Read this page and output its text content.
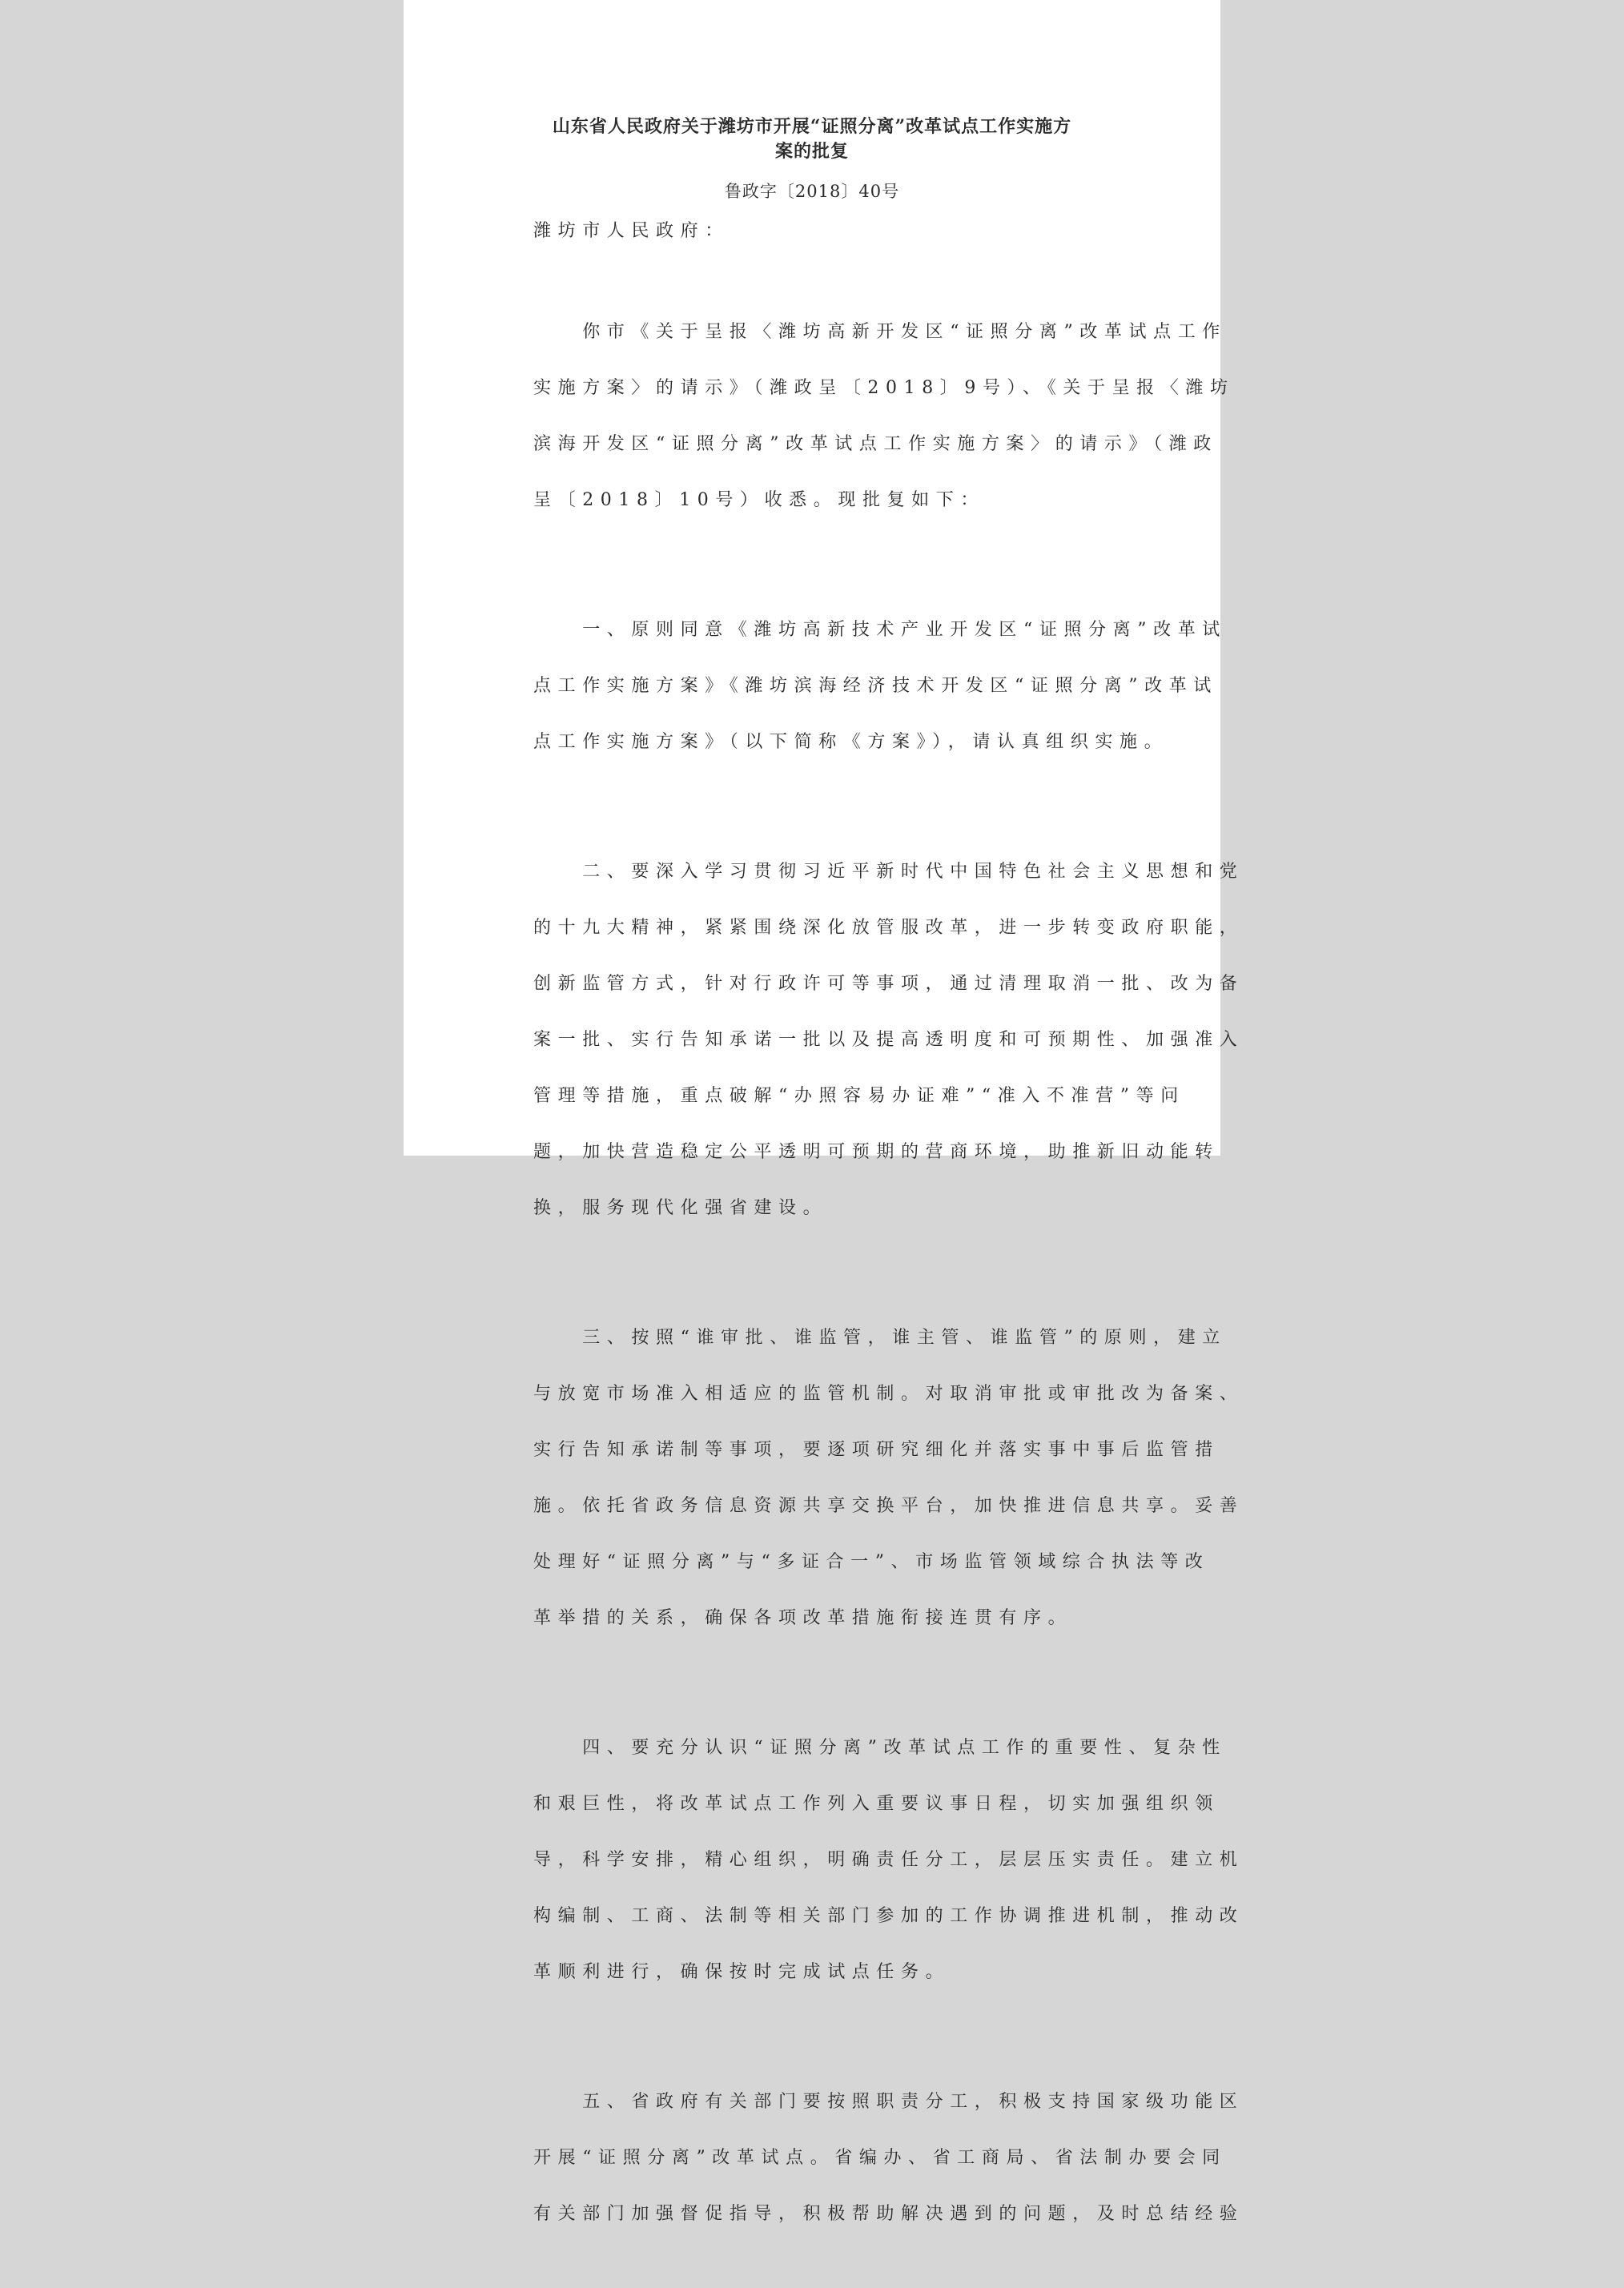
山东省人民政府关于潍坊市开展“证照分离”改革试点工作实施方
案的批复
鲁政字〔2018〕40号
潍坊市人民政府：

　　你市《关于呈报〈潍坊高新开发区“证照分离”改革试点工作

实施方案〉的请示》（潍政呈〔2018〕9号）、《关于呈报〈潍坊

滨海开发区“证照分离”改革试点工作实施方案〉的请示》（潍政

呈〔2018〕10号）收悉。现批复如下：

　　一、原则同意《潍坊高新技术产业开发区“证照分离”改革试

点工作实施方案》《潍坊滨海经济技术开发区“证照分离”改革试

点工作实施方案》（以下简称《方案》），请认真组织实施。

　　二、要深入学习贯彻习近平新时代中国特色社会主义思想和党

的十九大精神，紧紧围绕深化放管服改革，进一步转变政府职能，

创新监管方式，针对行政许可等事项，通过清理取消一批、改为备

案一批、实行告知承诺一批以及提高透明度和可预期性、加强准入

管理等措施，重点破解“办照容易办证难”“准入不准营”等问

题，加快营造稳定公平透明可预期的营商环境，助推新旧动能转

换，服务现代化强省建设。

　　三、按照“谁审批、谁监管，谁主管、谁监管”的原则，建立

与放宽市场准入相适应的监管机制。对取消审批或审批改为备案、

实行告知承诺制等事项，要逐项研究细化并落实事中事后监管措

施。依托省政务信息资源共享交换平台，加快推进信息共享。妥善

处理好“证照分离”与“多证合一”、市场监管领域综合执法等改

革举措的关系，确保各项改革措施衔接连贯有序。

　　四、要充分认识“证照分离”改革试点工作的重要性、复杂性

和艰巨性，将改革试点工作列入重要议事日程，切实加强组织领

导，科学安排，精心组织，明确责任分工，层层压实责任。建立机

构编制、工商、法制等相关部门参加的工作协调推进机制，推动改

革顺利进行，确保按时完成试点任务。

　　五、省政府有关部门要按照职责分工，积极支持国家级功能区

开展“证照分离”改革试点。省编办、省工商局、省法制办要会同

有关部门加强督促指导，积极帮助解决遇到的问题，及时总结经验
